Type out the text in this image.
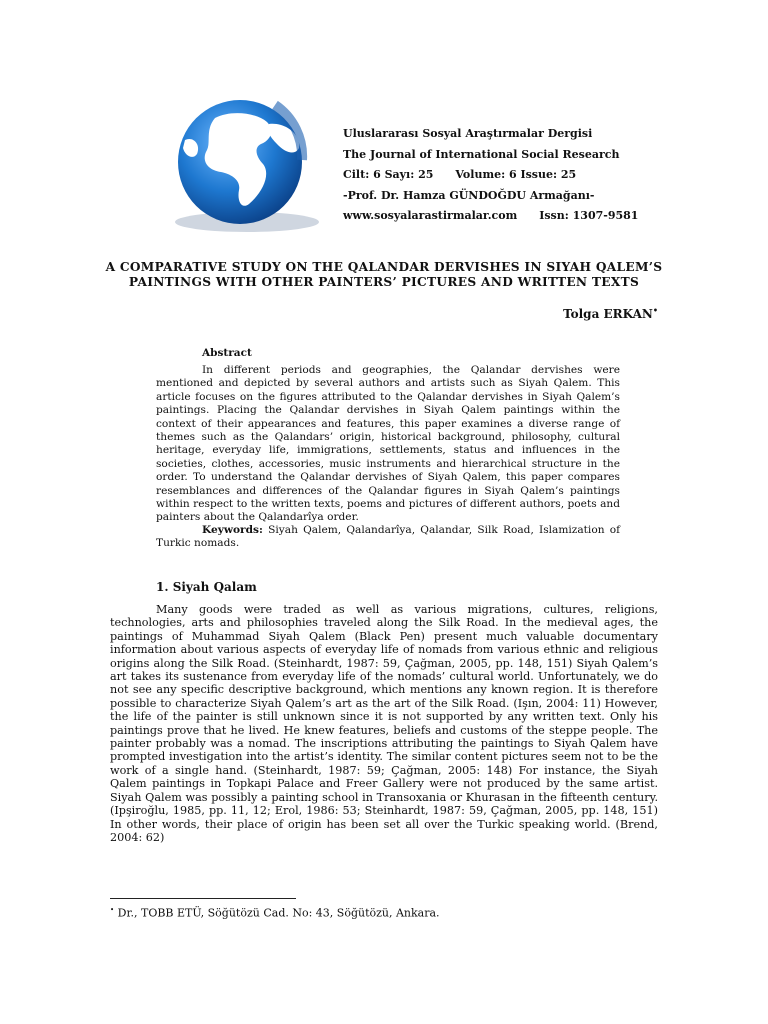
Uluslararası Sosyal Araştırmalar Dergisi
The Journal of International Social Research
Cilt: 6 Sayı: 25 Volume: 6 Issue: 25
-Prof. Dr. Hamza GÜNDOĞDU Armağanı-
www.sosyalarastirmalar.com Issn: 1307-9581
A COMPARATIVE STUDY ON THE QALANDAR DERVISHES IN SIYAH QALEM’S
PAINTINGS WITH OTHER PAINTERS’ PICTURES AND WRITTEN TEXTS
Tolga ERKAN•
Abstract

In different periods and geographies, the Qalandar dervishes were mentioned and depicted by several authors and artists such as Siyah Qalem. This article focuses on the figures attributed to the Qalandar dervishes in Siyah Qalem’s paintings. Placing the Qalandar dervishes in Siyah Qalem paintings within the context of their appearances and features, this paper examines a diverse range of themes such as the Qalandars’ origin, historical background, philosophy, cultural heritage, everyday life, immigrations, settlements, status and influences in the societies, clothes, accessories, music instruments and hierarchical structure in the order. To understand the Qalandar dervishes of Siyah Qalem, this paper compares resemblances and differences of the Qalandar figures in Siyah Qalem’s paintings within respect to the written texts, poems and pictures of different authors, poets and painters about the Qalandarîya order.

Keywords: Siyah Qalem, Qalandarîya, Qalandar, Silk Road, Islamization of Turkic nomads.

1. Siyah Qalam

Many goods were traded as well as various migrations, cultures, religions, technologies, arts and philosophies traveled along the Silk Road. In the medieval ages, the paintings of Muhammad Siyah Qalem (Black Pen) present much valuable documentary information about various aspects of everyday life of nomads from various ethnic and religious origins along the Silk Road. (Steinhardt, 1987: 59, Çağman, 2005, pp. 148, 151) Siyah Qalem’s art takes its sustenance from everyday life of the nomads’ cultural world. Unfortunately, we do not see any specific descriptive background, which mentions any known region. It is therefore possible to characterize Siyah Qalem’s art as the art of the Silk Road. (Işın, 2004: 11) However, the life of the painter is still unknown since it is not supported by any written text. Only his paintings prove that he lived. He knew features, beliefs and customs of the steppe people. The painter probably was a nomad. The inscriptions attributing the paintings to Siyah Qalem have prompted investigation into the artist’s identity. The similar content pictures seem not to be the work of a single hand. (Steinhardt, 1987: 59; Çağman, 2005: 148) For instance, the Siyah Qalem paintings in Topkapi Palace and Freer Gallery were not produced by the same artist. Siyah Qalem was possibly a painting school in Transoxania or Khurasan in the fifteenth century. (Ipşiroğlu, 1985, pp. 11, 12; Erol, 1986: 53; Steinhardt, 1987: 59, Çağman, 2005, pp. 148, 151) In other words, their place of origin has been set all over the Turkic speaking world. (Brend, 2004: 62)

• Dr., TOBB ETÜ, Söğütözü Cad. No: 43, Söğütözü, Ankara.
